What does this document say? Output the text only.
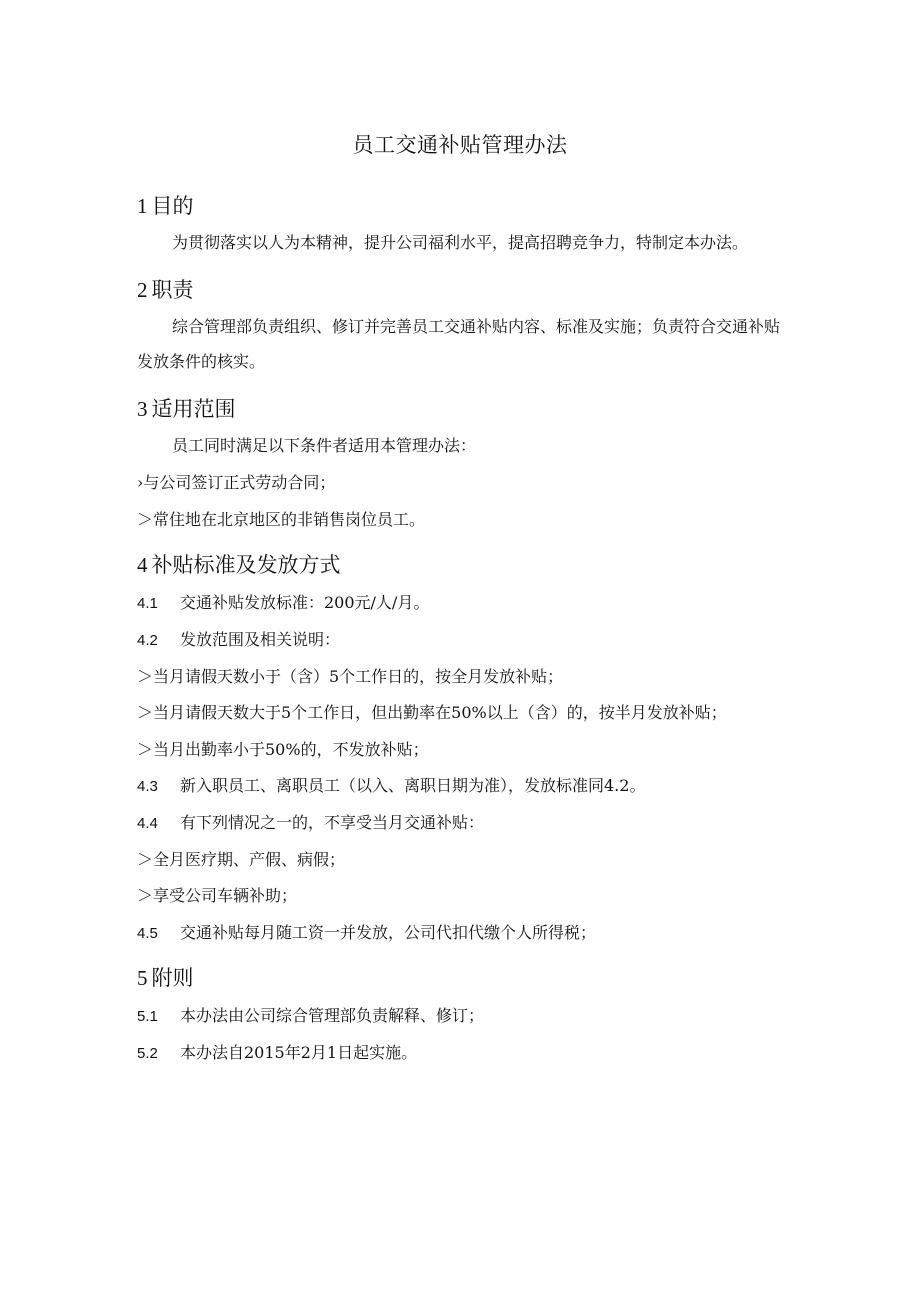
员工交通补贴管理办法
1 目的
为贯彻落实以人为本精神，提升公司福利水平，提高招聘竞争力，特制定本办法。
2 职责
综合管理部负责组织、修订并完善员工交通补贴内容、标准及实施；负责符合交通补贴
发放条件的核实。
3 适用范围
员工同时满足以下条件者适用本管理办法：
›与公司签订正式劳动合同；
＞常住地在北京地区的非销售岗位员工。
4 补贴标准及发放方式
4.1 交通补贴发放标准：200元/人/月。
4.2 发放范围及相关说明：
＞当月请假天数小于（含）5个工作日的，按全月发放补贴；
＞当月请假天数大于5个工作日，但出勤率在50%以上（含）的，按半月发放补贴；
＞当月出勤率小于50%的，不发放补贴；
4.3 新入职员工、离职员工（以入、离职日期为准），发放标准同4.2。
4.4 有下列情况之一的，不享受当月交通补贴：
＞全月医疗期、产假、病假；
＞享受公司车辆补助；
4.5 交通补贴每月随工资一并发放，公司代扣代缴个人所得税；
5 附则
5.1 本办法由公司综合管理部负责解释、修订；
5.2 本办法自2015年2月1日起实施。
